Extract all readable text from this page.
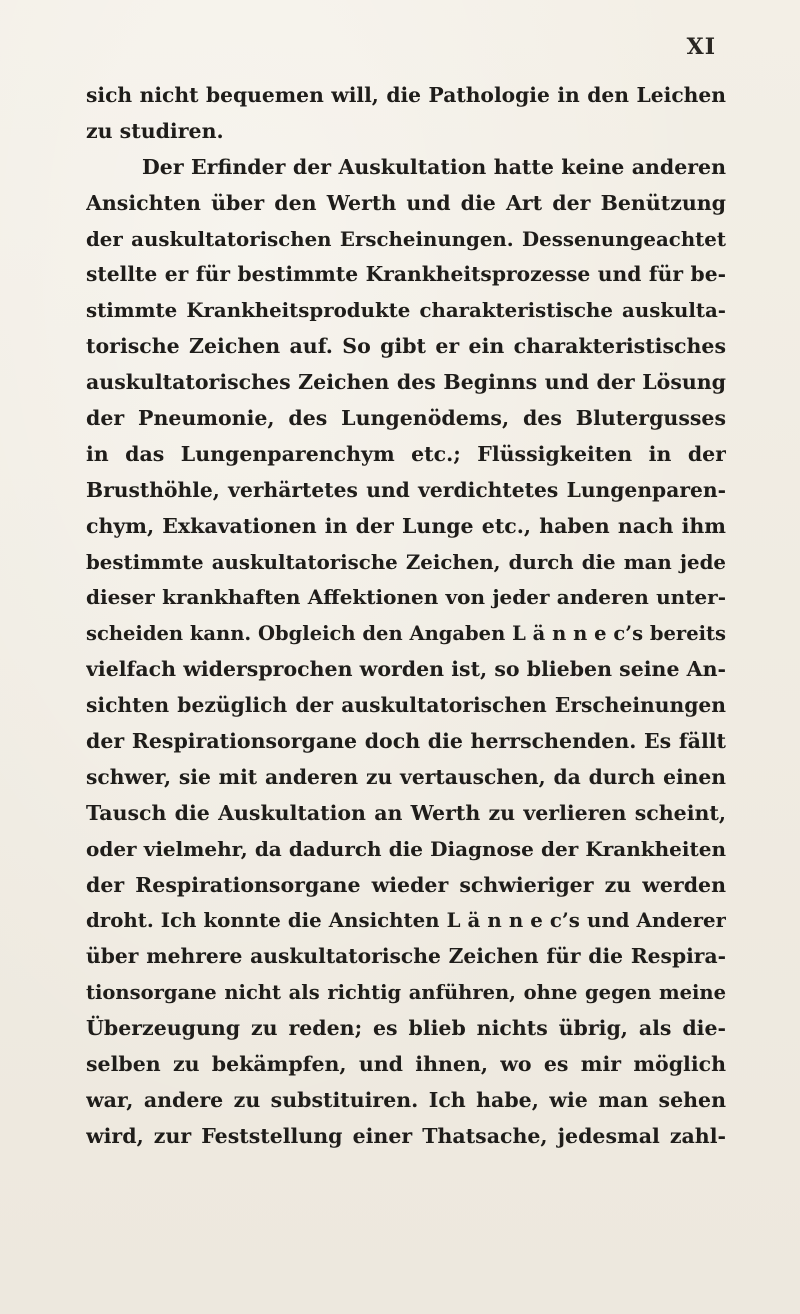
XI
sich nicht bequemen will, die Pathologie in den Leichen
zu studiren.
Der Erfinder der Auskultation hatte keine anderen
Ansichten über den Werth und die Art der Benützung
der auskultatorischen Erscheinungen. Dessenungeachtet
stellte er für bestimmte Krankheitsprozesse und für be-
stimmte Krankheitsprodukte charakteristische auskulta-
torische Zeichen auf. So gibt er ein charakteristisches
auskultatorisches Zeichen des Beginns und der Lösung
der Pneumonie, des Lungenödems, des Blutergusses
in das Lungenparenchym etc.; Flüssigkeiten in der
Brusthöhle, verhärtetes und verdichtetes Lungenparen-
chym, Exkavationen in der Lunge etc., haben nach ihm
bestimmte auskultatorische Zeichen, durch die man jede
dieser krankhaften Affektionen von jeder anderen unter-
scheiden kann. Obgleich den Angaben L ä n n e c’s bereits
vielfach widersprochen worden ist, so blieben seine An-
sichten bezüglich der auskultatorischen Erscheinungen
der Respirationsorgane doch die herrschenden. Es fällt
schwer, sie mit anderen zu vertauschen, da durch einen
Tausch die Auskultation an Werth zu verlieren scheint,
oder vielmehr, da dadurch die Diagnose der Krankheiten
der Respirationsorgane wieder schwieriger zu werden
droht. Ich konnte die Ansichten L ä n n e c’s und Anderer
über mehrere auskultatorische Zeichen für die Respira-
tionsorgane nicht als richtig anführen, ohne gegen meine
Überzeugung zu reden; es blieb nichts übrig, als die-
selben zu bekämpfen, und ihnen, wo es mir möglich
war, andere zu substituiren. Ich habe, wie man sehen
wird, zur Feststellung einer Thatsache, jedesmal zahl-
